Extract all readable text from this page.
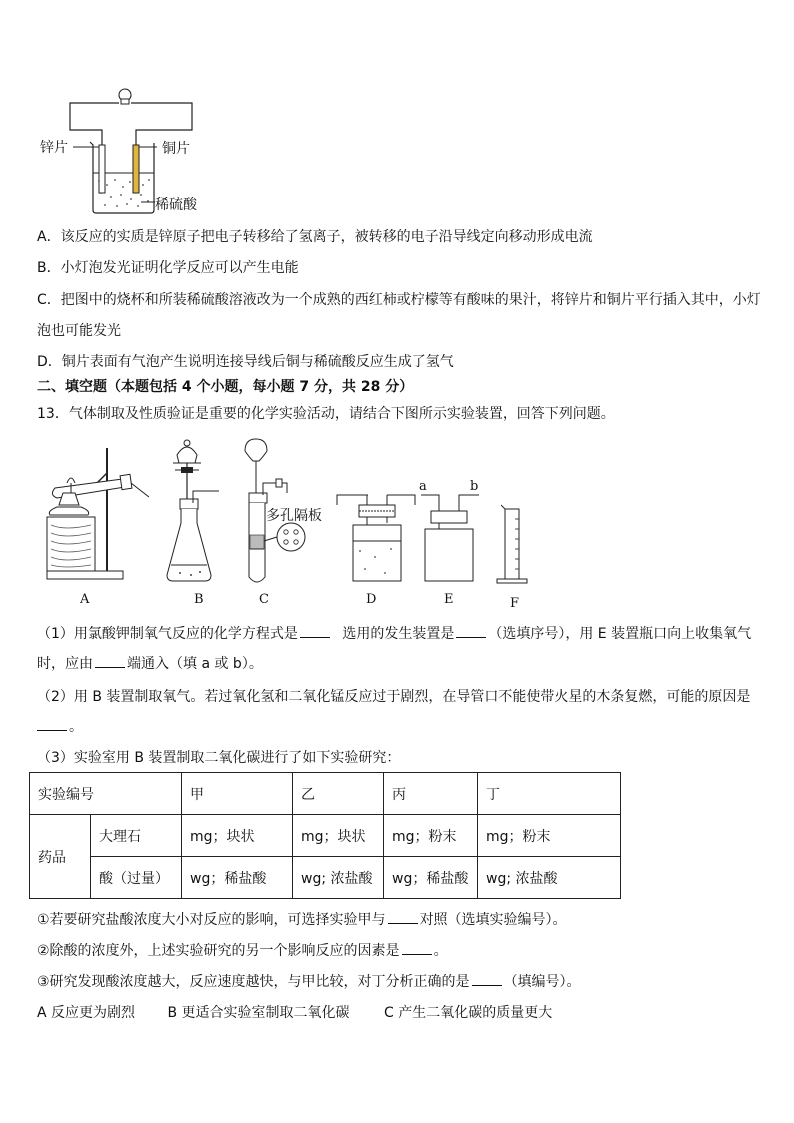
锌片	铜片
稀硫酸
A．该反应的实质是锌原子把电子转移给了氢离子，被转移的电子沿导线定向移动形成电流
B．小灯泡发光证明化学反应可以产生电能
C．把图中的烧杯和所装稀硫酸溶液改为一个成熟的西红柿或柠檬等有酸味的果汁，将锌片和铜片平行插入其中，小灯
泡也可能发光
D．铜片表面有气泡产生说明连接导线后铜与稀硫酸反应生成了氢气
二、填空题（本题包括 4 个小题，每小题 7 分，共 28 分）
13．气体制取及性质验证是重要的化学实验活动，请结合下图所示实验装置，回答下列问题。
多孔隔板
a	b
A	B	C	D	E	F
（1）用氯酸钾制氧气反应的化学方程式是	选用的发生装置是 （选填序号），用 E 装置瓶口向上收集氧气
时，应由 端通入（填 a 或 b）。
（2）用 B 装置制取氧气。若过氧化氢和二氧化锰反应过于剧烈，在导管口不能使带火星的木条复燃，可能的原因是
。
（3）实验室用 B 装置制取二氧化碳进行了如下实验研究：
实验编号		甲	乙	丙	丁
药品	大理石	mg；块状	mg；块状	mg；粉末	mg；粉末
	酸（过量）	wg；稀盐酸	wg; 浓盐酸	wg；稀盐酸	wg; 浓盐酸
①若要研究盐酸浓度大小对反应的影响，可选择实验甲与 对照（选填实验编号）。
②除酸的浓度外，上述实验研究的另一个影响反应的因素是 。
③研究发现酸浓度越大，反应速度越快，与甲比较，对丁分析正确的是 （填编号）。
A 反应更为剧烈 B 更适合实验室制取二氧化碳 C 产生二氧化碳的质量更大
